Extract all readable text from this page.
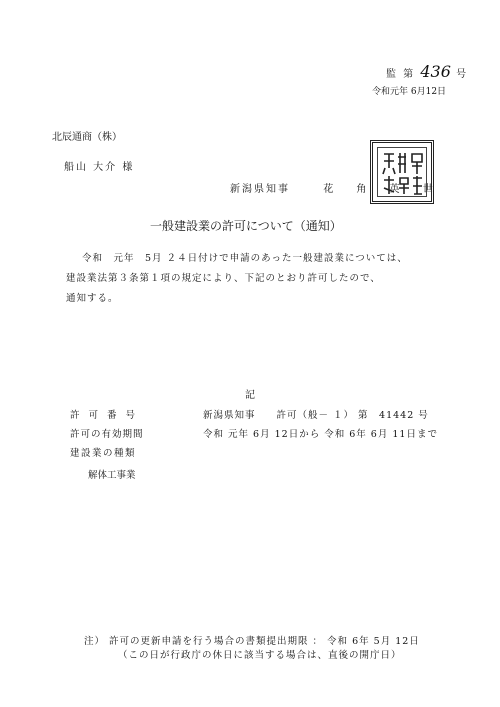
監 第 436 号
令和元年 6月12日
北辰通商（株）
船山 大介 様
新潟県知事	花 角 英 世
一般建設業の許可について（通知）
令和　元年　5月 ２４日付けで申請のあった一般建設業については、
建設業法第３条第１項の規定により、下記のとおり許可したので、
通知する。
記
許 可 番 号	新潟県知事　　許可（般－ １） 第　41442 号
許可の有効期間	令和 元年 6月 12日から 令和 6年 6月 11日まで
建設業の種類
解体工事業
注） 許可の更新申請を行う場合の書類提出期限 ： 令和 6年 5月 12日
（この日が行政庁の休日に該当する場合は、直後の開庁日）
